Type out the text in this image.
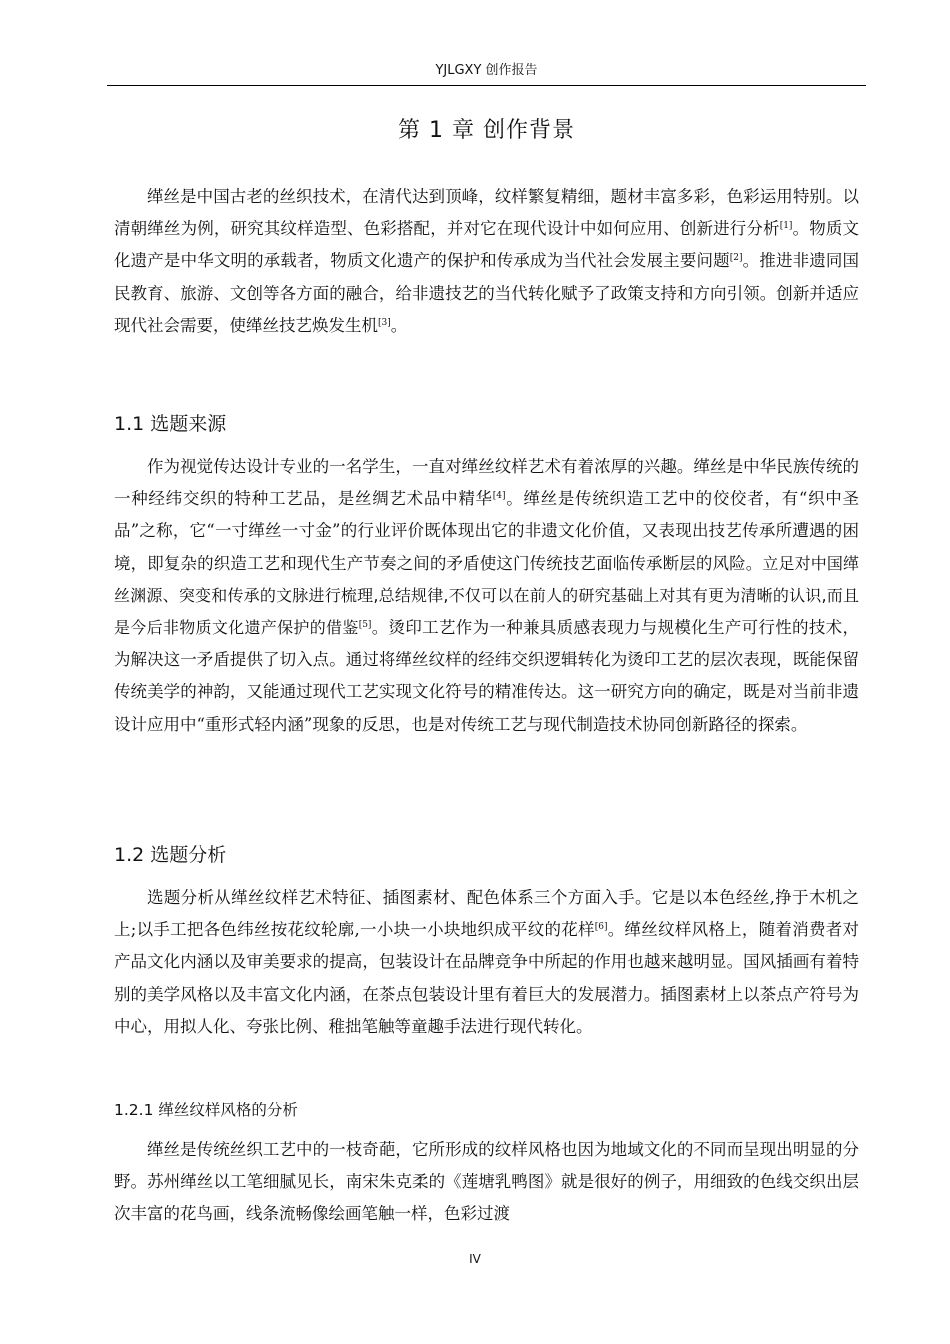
YJLGXY 创作报告
第 1 章 创作背景

缂丝是中国古老的丝织技术，在清代达到顶峰，纹样繁复精细，题材丰富多彩，色彩运用特别。以清朝缂丝为例，研究其纹样造型、色彩搭配，并对它在现代设计中如何应用、创新进行分析[1]。物质文化遗产是中华文明的承载者，物质文化遗产的保护和传承成为当代社会发展主要问题[2]。推进非遗同国民教育、旅游、文创等各方面的融合，给非遗技艺的当代转化赋予了政策支持和方向引领。创新并适应现代社会需要，使缂丝技艺焕发生机[3]。

1.1 选题来源

作为视觉传达设计专业的一名学生，一直对缂丝纹样艺术有着浓厚的兴趣。缂丝是中华民族传统的一种经纬交织的特种工艺品，是丝绸艺术品中精华[4]。缂丝是传统织造工艺中的佼佼者，有“织中圣品”之称，它“一寸缂丝一寸金”的行业评价既体现出它的非遗文化价值，又表现出技艺传承所遭遇的困境，即复杂的织造工艺和现代生产节奏之间的矛盾使这门传统技艺面临传承断层的风险。立足对中国缂丝渊源、突变和传承的文脉进行梳理,总结规律,不仅可以在前人的研究基础上对其有更为清晰的认识,而且是今后非物质文化遗产保护的借鉴[5]。烫印工艺作为一种兼具质感表现力与规模化生产可行性的技术，为解决这一矛盾提供了切入点。通过将缂丝纹样的经纬交织逻辑转化为烫印工艺的层次表现，既能保留传统美学的神韵，又能通过现代工艺实现文化符号的精准传达。这一研究方向的确定，既是对当前非遗设计应用中“重形式轻内涵”现象的反思，也是对传统工艺与现代制造技术协同创新路径的探索。

1.2 选题分析

选题分析从缂丝纹样艺术特征、插图素材、配色体系三个方面入手。它是以本色经丝,挣于木机之上;以手工把各色纬丝按花纹轮廓,一小块一小块地织成平纹的花样[6]。缂丝纹样风格上，随着消费者对产品文化内涵以及审美要求的提高，包装设计在品牌竞争中所起的作用也越来越明显。国风插画有着特别的美学风格以及丰富文化内涵，在茶点包装设计里有着巨大的发展潜力。插图素材上以茶点产符号为中心，用拟人化、夸张比例、稚拙笔触等童趣手法进行现代转化。

1.2.1 缂丝纹样风格的分析

缂丝是传统丝织工艺中的一枝奇葩，它所形成的纹样风格也因为地域文化的不同而呈现出明显的分野。苏州缂丝以工笔细腻见长，南宋朱克柔的《莲塘乳鸭图》就是很好的例子，用细致的色线交织出层次丰富的花鸟画，线条流畅像绘画笔触一样，色彩过渡

IV
